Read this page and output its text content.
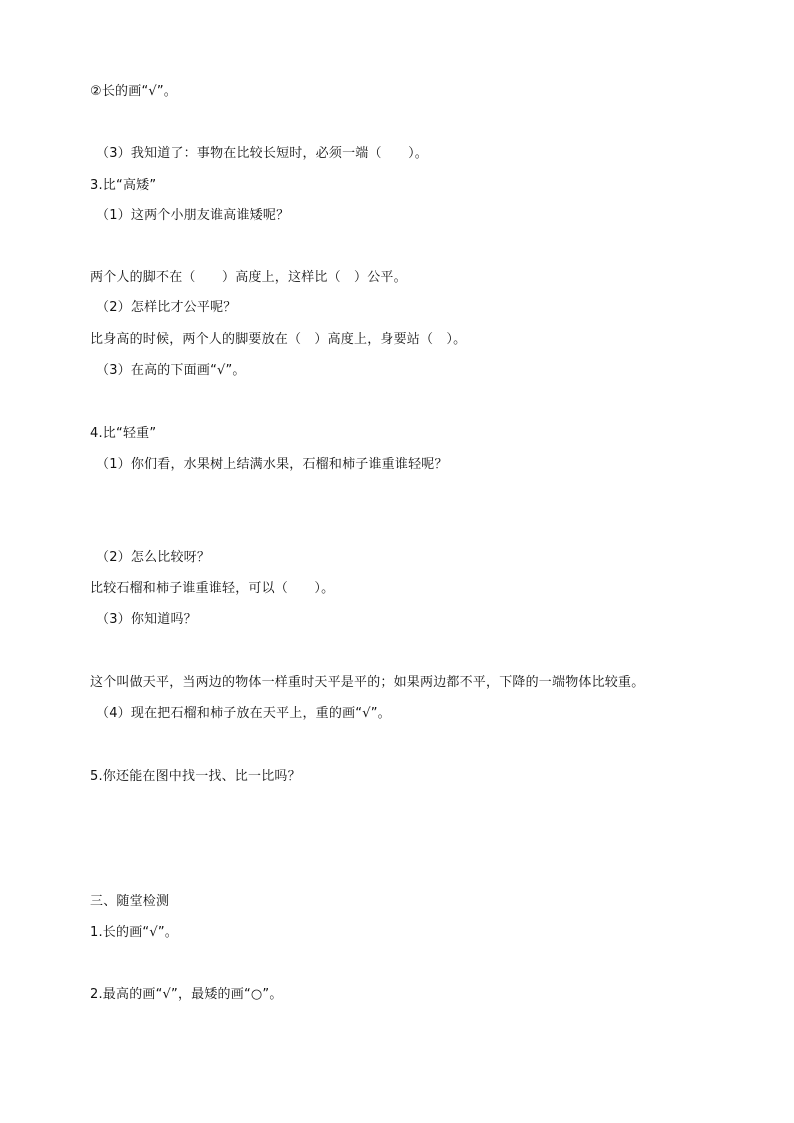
②长的画“√”。
（3）我知道了：事物在比较长短时，必须一端（　　）。
3.比“高矮”
（1）这两个小朋友谁高谁矮呢？
两个人的脚不在（　　）高度上，这样比（　）公平。
（2）怎样比才公平呢？
比身高的时候，两个人的脚要放在（　）高度上，身要站（　）。
（3）在高的下面画“√”。
4.比“轻重”
（1）你们看，水果树上结满水果，石榴和柿子谁重谁轻呢？
（2）怎么比较呀？
比较石榴和柿子谁重谁轻，可以（　　）。
（3）你知道吗？
这个叫做天平，当两边的物体一样重时天平是平的；如果两边都不平，下降的一端物体比较重。
（4）现在把石榴和柿子放在天平上，重的画“√”。
5.你还能在图中找一找、比一比吗？
三、随堂检测
1.长的画“√”。
2.最高的画“√”，最矮的画“○”。
